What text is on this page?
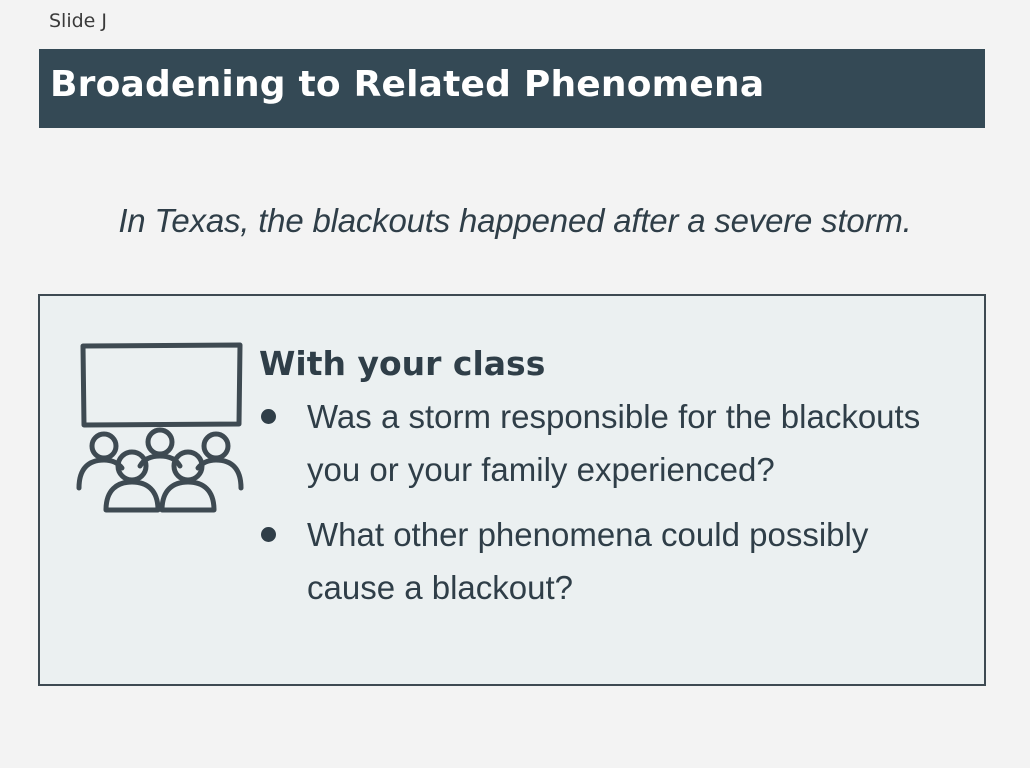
Slide J
Broadening to Related Phenomena
In Texas, the blackouts happened after a severe storm.
With your class
Was a storm responsible for the blackouts you or your family experienced?
What other phenomena could possibly cause a blackout?
